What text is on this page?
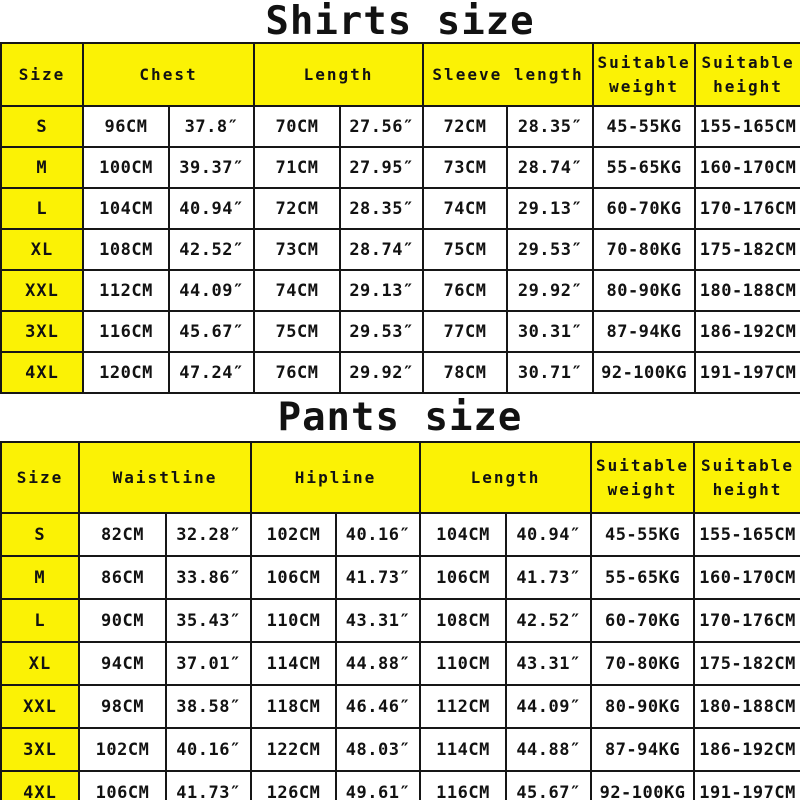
Shirts size
Size	Chest		Length		Sleeve length		Suitable weight	Suitable height
S	96CM	37.8″	70CM	27.56″	72CM	28.35″	45-55KG	155-165CM
M	100CM	39.37″	71CM	27.95″	73CM	28.74″	55-65KG	160-170CM
L	104CM	40.94″	72CM	28.35″	74CM	29.13″	60-70KG	170-176CM
XL	108CM	42.52″	73CM	28.74″	75CM	29.53″	70-80KG	175-182CM
XXL	112CM	44.09″	74CM	29.13″	76CM	29.92″	80-90KG	180-188CM
3XL	116CM	45.67″	75CM	29.53″	77CM	30.31″	87-94KG	186-192CM
4XL	120CM	47.24″	76CM	29.92″	78CM	30.71″	92-100KG	191-197CM
Pants size
Size	Waistline		Hipline		Length		Suitable weight	Suitable height
S	82CM	32.28″	102CM	40.16″	104CM	40.94″	45-55KG	155-165CM
M	86CM	33.86″	106CM	41.73″	106CM	41.73″	55-65KG	160-170CM
L	90CM	35.43″	110CM	43.31″	108CM	42.52″	60-70KG	170-176CM
XL	94CM	37.01″	114CM	44.88″	110CM	43.31″	70-80KG	175-182CM
XXL	98CM	38.58″	118CM	46.46″	112CM	44.09″	80-90KG	180-188CM
3XL	102CM	40.16″	122CM	48.03″	114CM	44.88″	87-94KG	186-192CM
4XL	106CM	41.73″	126CM	49.61″	116CM	45.67″	92-100KG	191-197CM
